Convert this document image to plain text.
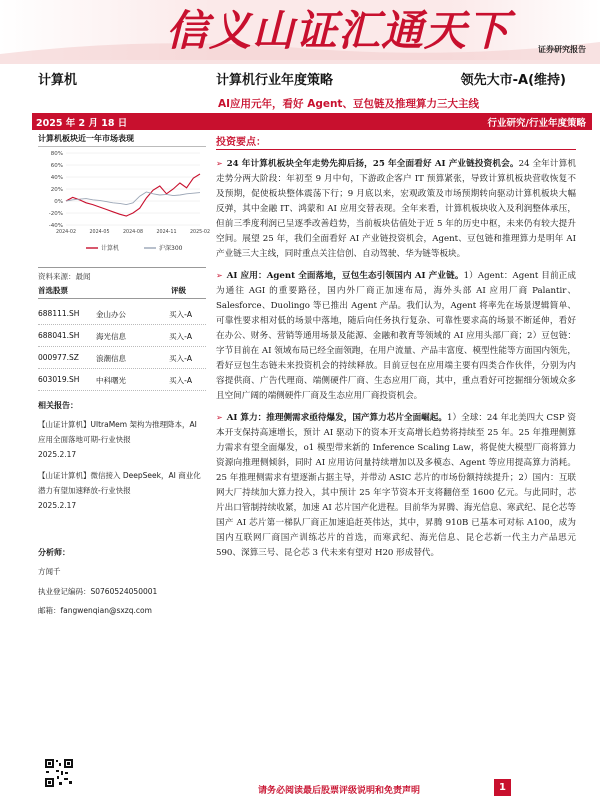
信义山证汇通天下	证券研究报告
计算机	计算机行业年度策略	领先大市-A(维持)
AI应用元年，看好 Agent、豆包链及推理算力三大主线
2025 年 2 月 18 日	行业研究/行业年度策略
计算机板块近一年市场表现
80%
60%
40%
20%
0%
-20%
-40%
2024-02	2024-05	2024-08	2024-11	2025-02
计算机	沪深300
资料来源：最闻
首选股票	评级
688111.SH 金山办公	买入-A
688041.SH 海光信息	买入-A
000977.SZ 浪潮信息	买入-A
603019.SH 中科曙光	买入-A
相关报告：
【山证计算机】UltraMem 架构为推理降本，AI 应用全面落地可期-行业快报
2025.2.17
【山证计算机】微信接入 DeepSeek，AI 商业化潜力有望加速释放-行业快报
2025.2.17
分析师：
方闻千
执业登记编码：S0760524050001
邮箱：fangwenqian@sxzq.com
投资要点：

➢ 24 年计算机板块全年走势先抑后扬，25 年全面看好 AI 产业链投资机会。24 全年计算机走势分两大阶段：年初至 9 月中旬，下游政企客户 IT 预算紧张，导致计算机板块营收恢复不及预期，促使板块整体震荡下行；9 月底以来，宏观政策及市场预期转向驱动计算机板块大幅反弹，其中金融 IT、鸿蒙和 AI 应用交替表现。全年来看，计算机板块收入及利润整体承压，但前三季度利润已呈逐季改善趋势，当前板块估值处于近 5 年的历史中枢，未来仍有较大提升空间。展望 25 年，我们全面看好 AI 产业链投资机会，Agent、豆包链和推理算力是明年 AI 产业链三大主线，同时重点关注信创、自动驾驶、华为链等板块。

➢ AI 应用：Agent 全面落地，豆包生态引领国内 AI 产业链。1）Agent：Agent 目前正成为通往 AGI 的重要路径，国内外厂商正加速布局，海外头部 AI 应用厂商 Palantir、Salesforce、Duolingo 等已推出 Agent 产品。我们认为，Agent 将率先在场景逻辑简单、可靠性要求相对低的场景中落地，随后向任务执行复杂、可靠性要求高的场景不断延伸，看好在办公、财务、营销等通用场景及能源、金融和教育等领域的 AI 应用头部厂商；2）豆包链：字节目前在 AI 领域布局已经全面领跑，在用户流量、产品丰富度、模型性能等方面国内领先，看好豆包生态链未来投资机会的持续释放。目前豆包在应用端主要有四类合作伙伴，分别为内容提供商、广告代理商、端侧硬件厂商、生态应用厂商，其中，重点看好可挖掘细分领域众多且空间广阔的端侧硬件厂商及生态应用厂商投资机会。

➢ AI 算力：推理侧需求亟待爆发，国产算力芯片全面崛起。1）全球：24 年北美四大 CSP 资本开支保持高速增长，预计 AI 驱动下的资本开支高增长趋势将持续至 25 年。25 年推理侧算力需求有望全面爆发，o1 模型带来新的 Inference Scaling Law，将促使大模型厂商将算力资源向推理侧倾斜，同时 AI 应用访问量持续增加以及多模态、Agent 等应用提高算力消耗。25 年推理侧需求有望逐渐占据主导，并带动 ASIC 芯片的市场份额持续提升；2）国内：互联网大厂持续加大算力投入，其中预计 25 年字节资本开支将翻倍至 1600 亿元。与此同时，芯片出口管制持续收紧，加速 AI 芯片国产化进程。目前华为昇腾、海光信息、寒武纪、昆仑芯等国产 AI 芯片第一梯队厂商正加速追赶英伟达，其中，昇腾 910B 已基本可对标 A100，成为国内互联网厂商国产训练芯片的首选，而寒武纪、海光信息、昆仑芯新一代主力产品思元 590、深算三号、昆仑芯 3 代未来有望对 H20 形成替代。

请务必阅读最后股票评级说明和免责声明	1
